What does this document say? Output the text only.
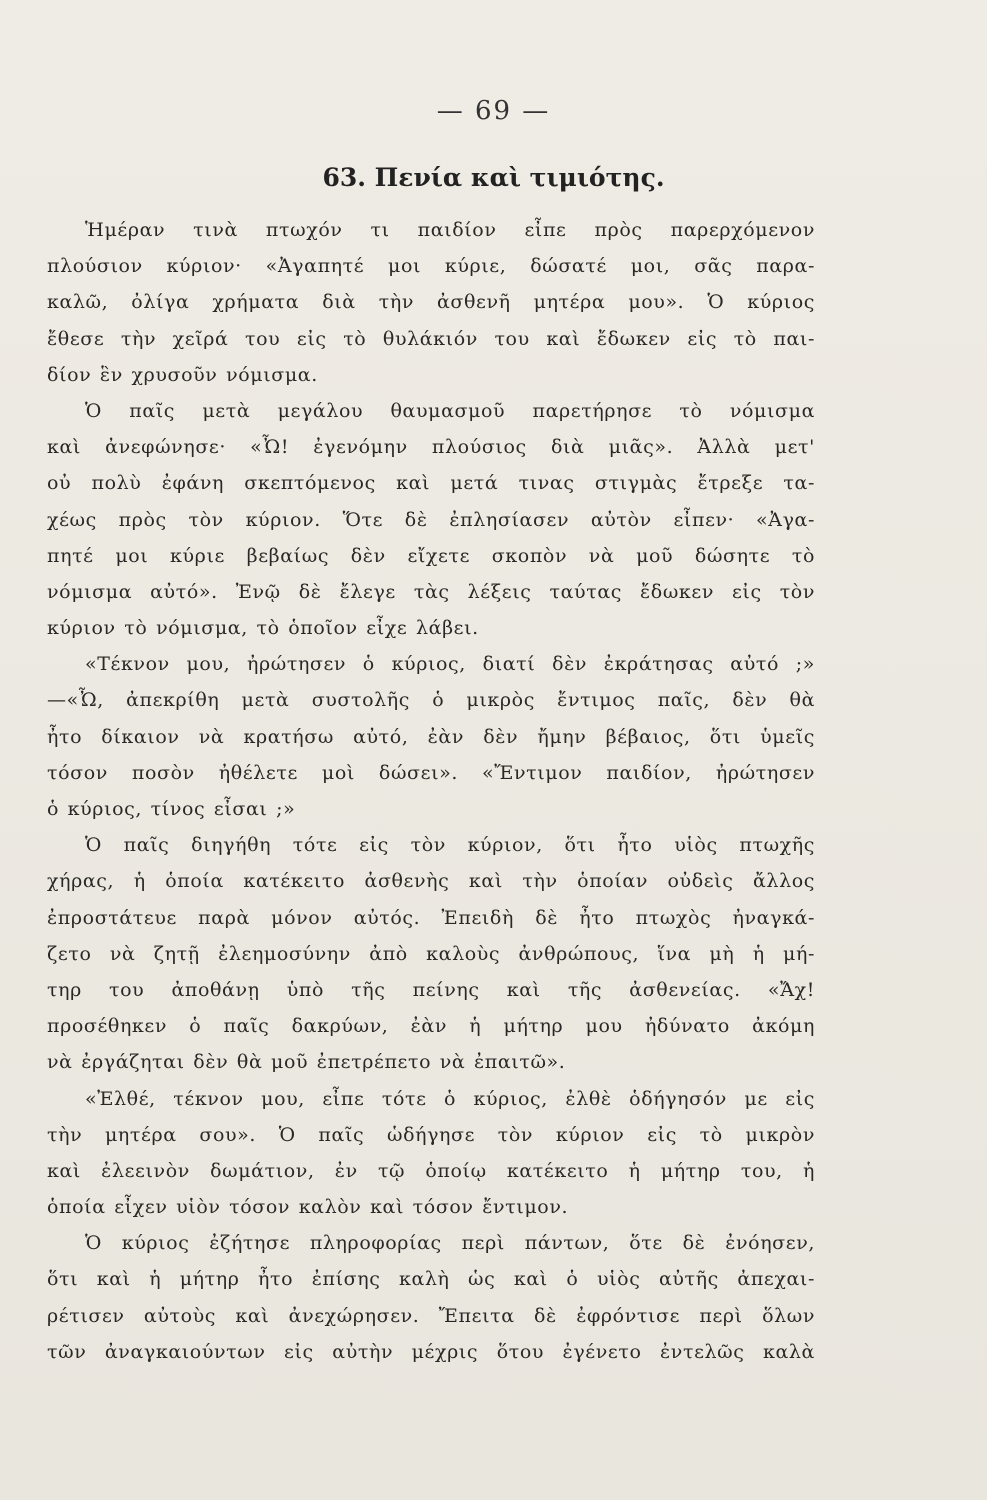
— 69 —
63. Πενία καὶ τιμιότης.
Ἡμέραν τινὰ πτωχόν τι παιδίον εἶπε πρὸς παρερχόμενον
πλούσιον κύριον· «Ἀγαπητέ μοι κύριε, δώσατέ μοι, σᾶς παρα-
καλῶ, ὀλίγα χρήματα διὰ τὴν ἀσθενῆ μητέρα μου». Ὁ κύριος
ἔθεσε τὴν χεῖρά του εἰς τὸ θυλάκιόν του καὶ ἔδωκεν εἰς τὸ παι-
δίον ἓν χρυσοῦν νόμισμα.
Ὁ παῖς μετὰ μεγάλου θαυμασμοῦ παρετήρησε τὸ νόμισμα
καὶ ἀνεφώνησε· «Ὦ! ἐγενόμην πλούσιος διὰ μιᾶς». Ἀλλὰ μετ'
οὐ πολὺ ἐφάνη σκεπτόμενος καὶ μετά τινας στιγμὰς ἔτρεξε τα-
χέως πρὸς τὸν κύριον. Ὅτε δὲ ἐπλησίασεν αὐτὸν εἶπεν· «Ἀγα-
πητέ μοι κύριε βεβαίως δὲν εἴχετε σκοπὸν νὰ μοῦ δώσητε τὸ
νόμισμα αὐτό». Ἐνῷ δὲ ἔλεγε τὰς λέξεις ταύτας ἔδωκεν εἰς τὸν
κύριον τὸ νόμισμα, τὸ ὁποῖον εἶχε λάβει.
«Τέκνον μου, ἠρώτησεν ὁ κύριος, διατί δὲν ἐκράτησας αὐτό ;»
—«Ὦ, ἀπεκρίθη μετὰ συστολῆς ὁ μικρὸς ἔντιμος παῖς, δὲν θὰ
ἦτο δίκαιον νὰ κρατήσω αὐτό, ἐὰν δὲν ἤμην βέβαιος, ὅτι ὑμεῖς
τόσον ποσὸν ἠθέλετε μοὶ δώσει». «Ἔντιμον παιδίον, ἠρώτησεν
ὁ κύριος, τίνος εἶσαι ;»
Ὁ παῖς διηγήθη τότε εἰς τὸν κύριον, ὅτι ἦτο υἱὸς πτωχῆς
χήρας, ἡ ὁποία κατέκειτο ἀσθενὴς καὶ τὴν ὁποίαν οὐδεὶς ἄλλος
ἐπροστάτευε παρὰ μόνον αὐτός. Ἐπειδὴ δὲ ἦτο πτωχὸς ἠναγκά-
ζετο νὰ ζητῇ ἐλεημοσύνην ἀπὸ καλοὺς ἀνθρώπους, ἵνα μὴ ἡ μή-
τηρ του ἀποθάνῃ ὑπὸ τῆς πείνης καὶ τῆς ἀσθενείας. «Ἄχ!
προσέθηκεν ὁ παῖς δακρύων, ἐὰν ἡ μήτηρ μου ἠδύνατο ἀκόμη
νὰ ἐργάζηται δὲν θὰ μοῦ ἐπετρέπετο νὰ ἐπαιτῶ».
«Ἐλθέ, τέκνον μου, εἶπε τότε ὁ κύριος, ἐλθὲ ὁδήγησόν με εἰς
τὴν μητέρα σου». Ὁ παῖς ὡδήγησε τὸν κύριον εἰς τὸ μικρὸν
καὶ ἐλεεινὸν δωμάτιον, ἐν τῷ ὁποίῳ κατέκειτο ἡ μήτηρ του, ἡ
ὁποία εἶχεν υἱὸν τόσον καλὸν καὶ τόσον ἔντιμον.
Ὁ κύριος ἐζήτησε πληροφορίας περὶ πάντων, ὅτε δὲ ἐνόησεν,
ὅτι καὶ ἡ μήτηρ ἦτο ἐπίσης καλὴ ὡς καὶ ὁ υἱὸς αὐτῆς ἀπεχαι-
ρέτισεν αὐτοὺς καὶ ἀνεχώρησεν. Ἔπειτα δὲ ἐφρόντισε περὶ ὅλων
τῶν ἀναγκαιούντων εἰς αὐτὴν μέχρις ὅτου ἐγένετο ἐντελῶς καλὰ
